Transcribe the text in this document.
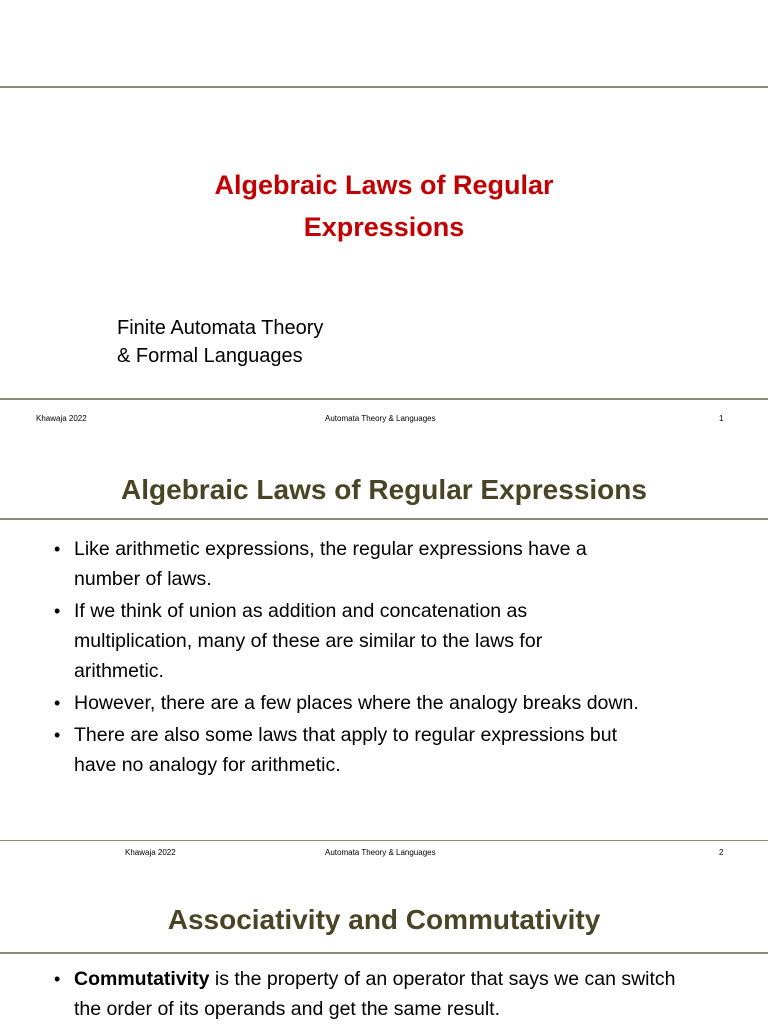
Algebraic Laws of Regular
Expressions
Finite Automata Theory
& Formal Languages
Khawaja 2022	Automata Theory & Languages	1
Algebraic Laws of Regular Expressions
• Like arithmetic expressions, the regular expressions have a
number of laws.
• If we think of union as addition and concatenation as
multiplication, many of these are similar to the laws for
arithmetic.
• However, there are a few places where the analogy breaks down.
• There are also some laws that apply to regular expressions but
have no analogy for arithmetic.
Khawaja 2022	Automata Theory & Languages	2
Associativity and Commutativity
• Commutativity is the property of an operator that says we can switch
the order of its operands and get the same result.
